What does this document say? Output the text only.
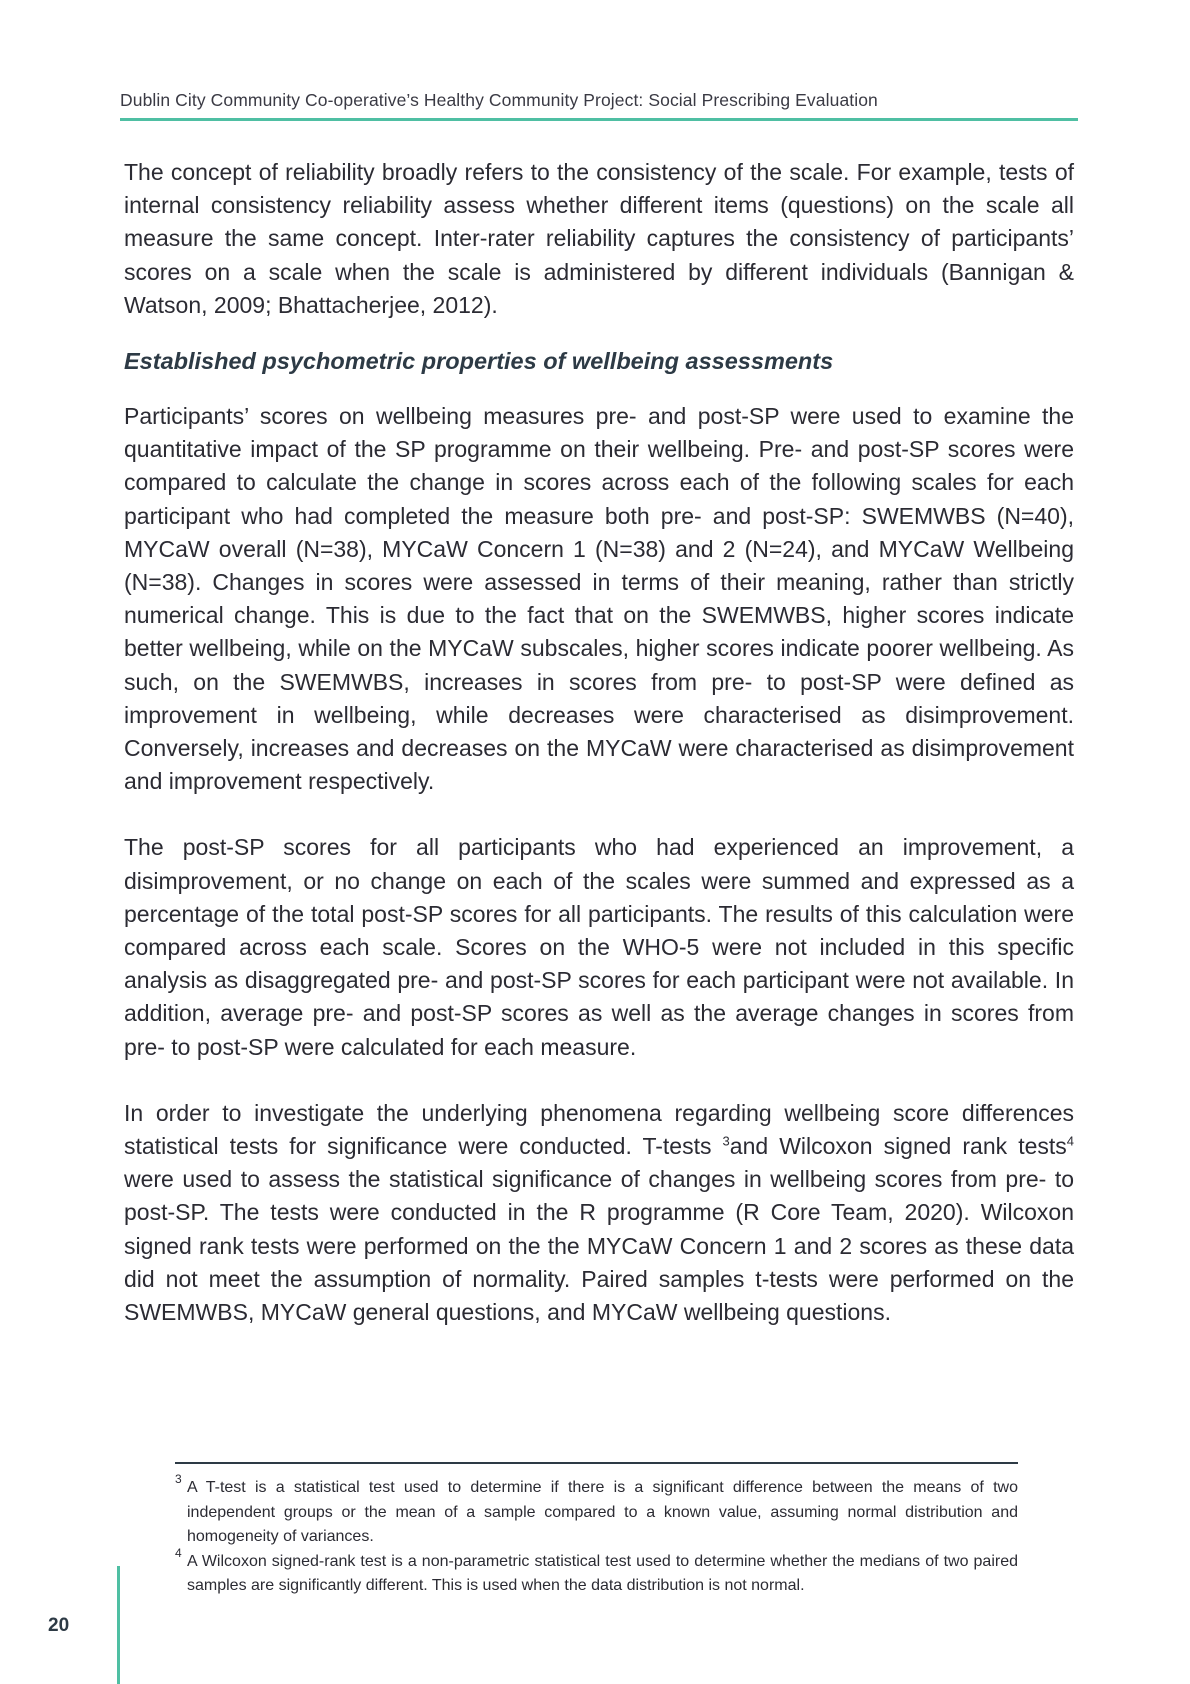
Dublin City Community Co-operative’s Healthy Community Project: Social Prescribing Evaluation

The concept of reliability broadly refers to the consistency of the scale. For example, tests of internal consistency reliability assess whether different items (questions) on the scale all measure the same concept. Inter-rater reliability captures the consistency of participants’ scores on a scale when the scale is administered by different individuals (Bannigan & Watson, 2009; Bhattacherjee, 2012).

Established psychometric properties of wellbeing assessments

Participants’ scores on wellbeing measures pre- and post-SP were used to examine the quantitative impact of the SP programme on their wellbeing. Pre- and post-SP scores were compared to calculate the change in scores across each of the following scales for each participant who had completed the measure both pre- and post-SP: SWEMWBS (N=40), MYCaW overall (N=38), MYCaW Concern 1 (N=38) and 2 (N=24), and MYCaW Wellbeing (N=38). Changes in scores were assessed in terms of their meaning, rather than strictly numerical change. This is due to the fact that on the SWEMWBS, higher scores indicate better wellbeing, while on the MYCaW subscales, higher scores indicate poorer wellbeing. As such, on the SWEMWBS, increases in scores from pre- to post-SP were defined as improvement in wellbeing, while decreases were characterised as disimprovement. Conversely, increases and decreases on the MYCaW were characterised as disimprovement and improvement respectively.

The post-SP scores for all participants who had experienced an improvement, a disimprovement, or no change on each of the scales were summed and expressed as a percentage of the total post-SP scores for all participants. The results of this calculation were compared across each scale. Scores on the WHO-5 were not included in this specific analysis as disaggregated pre- and post-SP scores for each participant were not available. In addition, average pre- and post-SP scores as well as the average changes in scores from pre- to post-SP were calculated for each measure.

In order to investigate the underlying phenomena regarding wellbeing score differences statistical tests for significance were conducted. T-tests $^3$and Wilcoxon signed rank tests$^4$ were used to assess the statistical significance of changes in wellbeing scores from pre- to post-SP. The tests were conducted in the R programme (R Core Team, 2020). Wilcoxon signed rank tests were performed on the the MYCaW Concern 1 and 2 scores as these data did not meet the assumption of normality. Paired samples t-tests were performed on the SWEMWBS, MYCaW general questions, and MYCaW wellbeing questions.

3 A T-test is a statistical test used to determine if there is a significant difference between the means of two independent groups or the mean of a sample compared to a known value, assuming normal distribution and homogeneity of variances.
4 A Wilcoxon signed-rank test is a non-parametric statistical test used to determine whether the medians of two paired samples are significantly different. This is used when the data distribution is not normal.
20
